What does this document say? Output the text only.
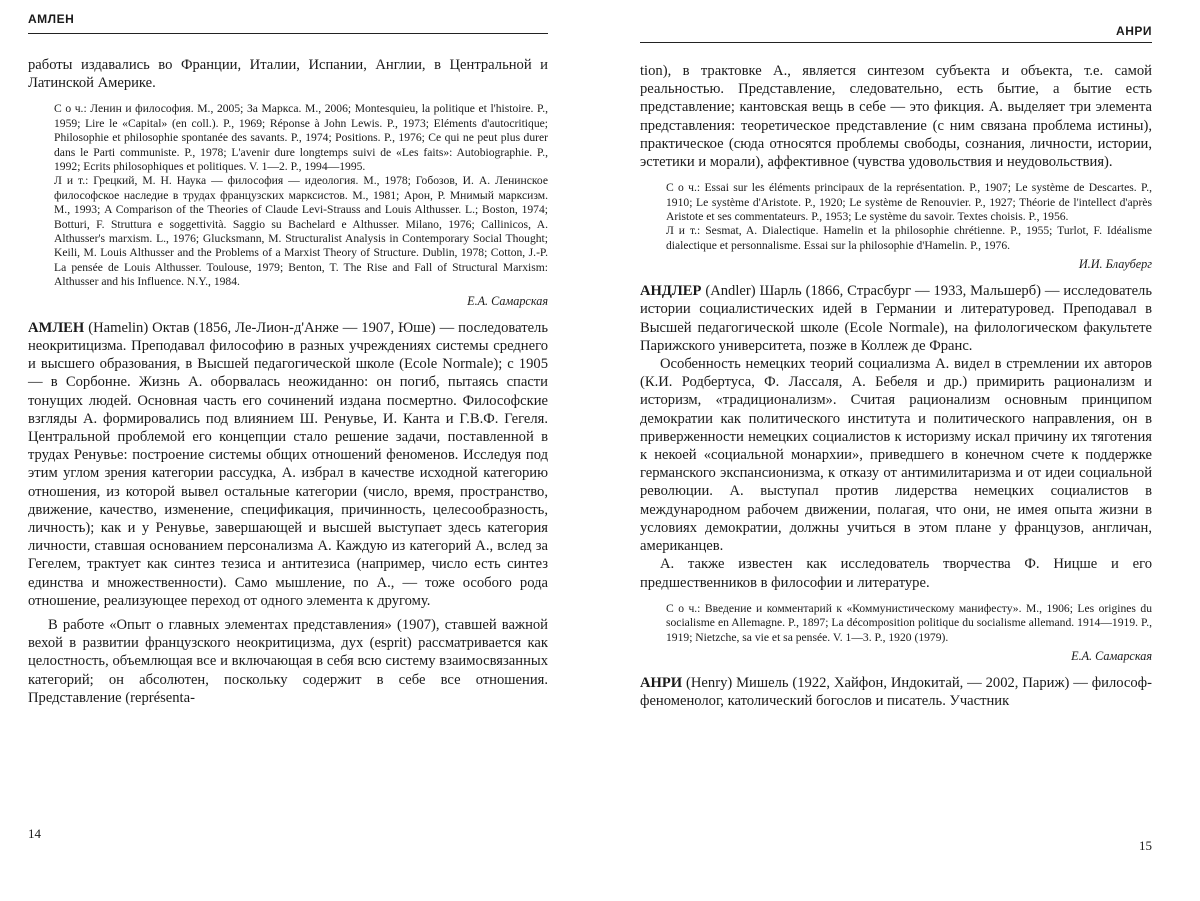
АМЛЕН

работы издавались во Франции, Италии, Испании, Англии, в Центральной и Латинской Америке.

С о ч.: Ленин и философия. М., 2005; За Маркса. М., 2006; Montesquieu, la politique et l'histoire. P., 1959; Lire le «Capital» (en coll.). P., 1969; Réponse à John Lewis. P., 1973; Eléments d'autocritique; Philosophie et philosophie spontanée des savants. P., 1974; Positions. P., 1976; Ce qui ne peut plus durer dans le Parti communiste. P., 1978; L'avenir dure longtemps suivi de «Les faits»: Autobiographie. P., 1992; Ecrits philosophiques et politiques. V. 1—2. P., 1994—1995.

Л и т.: Грецкий, М. Н. Наука — философия — идеология. М., 1978; Гобозов, И. А. Ленинское философское наследие в трудах французских марксистов. М., 1981; Арон, Р. Мнимый марксизм. М., 1993; A Comparison of the Theories of Claude Levi-Strauss and Louis Althusser. L.; Boston, 1974; Botturi, F. Struttura e soggettività. Saggio su Bachelard e Althusser. Milano, 1976; Callinicos, A. Althusser's marxism. L., 1976; Glucksmann, M. Structuralist Analysis in Contemporary Social Thought; Keili, M. Louis Althusser and the Problems of a Marxist Theory of Structure. Dublin, 1978; Cotton, J.-P. La pensée de Louis Althusser. Toulouse, 1979; Benton, T. The Rise and Fall of Structural Marxism: Althusser and his Influence. N.Y., 1984.

Е.А. Самарская

АМЛЕН (Hamelin) Октав (1856, Ле-Лион-д'Анже — 1907, Юше) — последователь неокритицизма. Преподавал философию в разных учреждениях системы среднего и высшего образования, в Высшей педагогической школе (Ecole Normale); с 1905 — в Сорбонне. Жизнь А. оборвалась неожиданно: он погиб, пытаясь спасти тонущих людей. Основная часть его сочинений издана посмертно. Философские взгляды А. формировались под влиянием Ш. Ренувье, И. Канта и Г.В.Ф. Гегеля. Центральной проблемой его концепции стало решение задачи, поставленной в трудах Ренувье: построение системы общих отношений феноменов. Исследуя под этим углом зрения категории рассудка, А. избрал в качестве исходной категорию отношения, из которой вывел остальные категории (число, время, пространство, движение, качество, изменение, спецификация, причинность, целесообразность, личность); как и у Ренувье, завершающей и высшей выступает здесь категория личности, ставшая основанием персонализма А. Каждую из категорий А., вслед за Гегелем, трактует как синтез тезиса и антитезиса (например, число есть синтез единства и множественности). Само мышление, по А., — тоже особого рода отношение, реализующее переход от одного элемента к другому.

В работе «Опыт о главных элементах представления» (1907), ставшей важной вехой в развитии французского неокритицизма, дух (esprit) рассматривается как целостность, объемлющая все и включающая в себя всю систему взаимосвязанных категорий; он абсолютен, поскольку содержит в себе все отношения. Представление (représenta-

14
АНРИ

tion), в трактовке А., является синтезом субъекта и объекта, т.е. самой реальностью. Представление, следовательно, есть бытие, а бытие есть представление; кантовская вещь в себе — это фикция. А. выделяет три элемента представления: теоретическое представление (с ним связана проблема истины), практическое (сюда относятся проблемы свободы, сознания, личности, истории, эстетики и морали), аффективное (чувства удовольствия и неудовольствия).

С о ч.: Essai sur les éléments principaux de la représentation. P., 1907; Le système de Descartes. P., 1910; Le système d'Aristote. P., 1920; Le système de Renouvier. P., 1927; Théorie de l'intellect d'après Aristote et ses commentateurs. P., 1953; Le système du savoir. Textes choisis. P., 1956.

Л и т.: Sesmat, A. Dialectique. Hamelin et la philosophie chrétienne. P., 1955; Turlot, F. Idéalisme dialectique et personnalisme. Essai sur la philosophie d'Hamelin. P., 1976.

И.И. Блауберг

АНДЛЕР (Andler) Шарль (1866, Страсбург — 1933, Мальшерб) — исследователь истории социалистических идей в Германии и литературовед. Преподавал в Высшей педагогической школе (Ecole Normale), на филологическом факультете Парижского университета, позже в Коллеж де Франс.

Особенность немецких теорий социализма А. видел в стремлении их авторов (К.И. Родбертуса, Ф. Лассаля, А. Бебеля и др.) примирить рационализм и историзм, «традиционализм». Считая рационализм основным принципом демократии как политического института и политического направления, он в приверженности немецких социалистов к историзму искал причину их тяготения к некоей «социальной монархии», приведшего в конечном счете к поддержке германского экспансионизма, к отказу от антимилитаризма и от идеи социальной революции. А. выступал против лидерства немецких социалистов в международном рабочем движении, полагая, что они, не имея опыта жизни в условиях демократии, должны учиться в этом плане у французов, англичан, американцев.

А. также известен как исследователь творчества Ф. Ницше и его предшественников в философии и литературе.

С о ч.: Введение и комментарий к «Коммунистическому манифесту». М., 1906; Les origines du socialisme en Allemagne. P., 1897; La décomposition politique du socialisme allemand. 1914—1919. P., 1919; Nietzche, sa vie et sa pensée. V. 1—3. P., 1920 (1979).

Е.А. Самарская

АНРИ (Henry) Мишель (1922, Хайфон, Индокитай, — 2002, Париж) — философ-феноменолог, католический богослов и писатель. Участник

15
